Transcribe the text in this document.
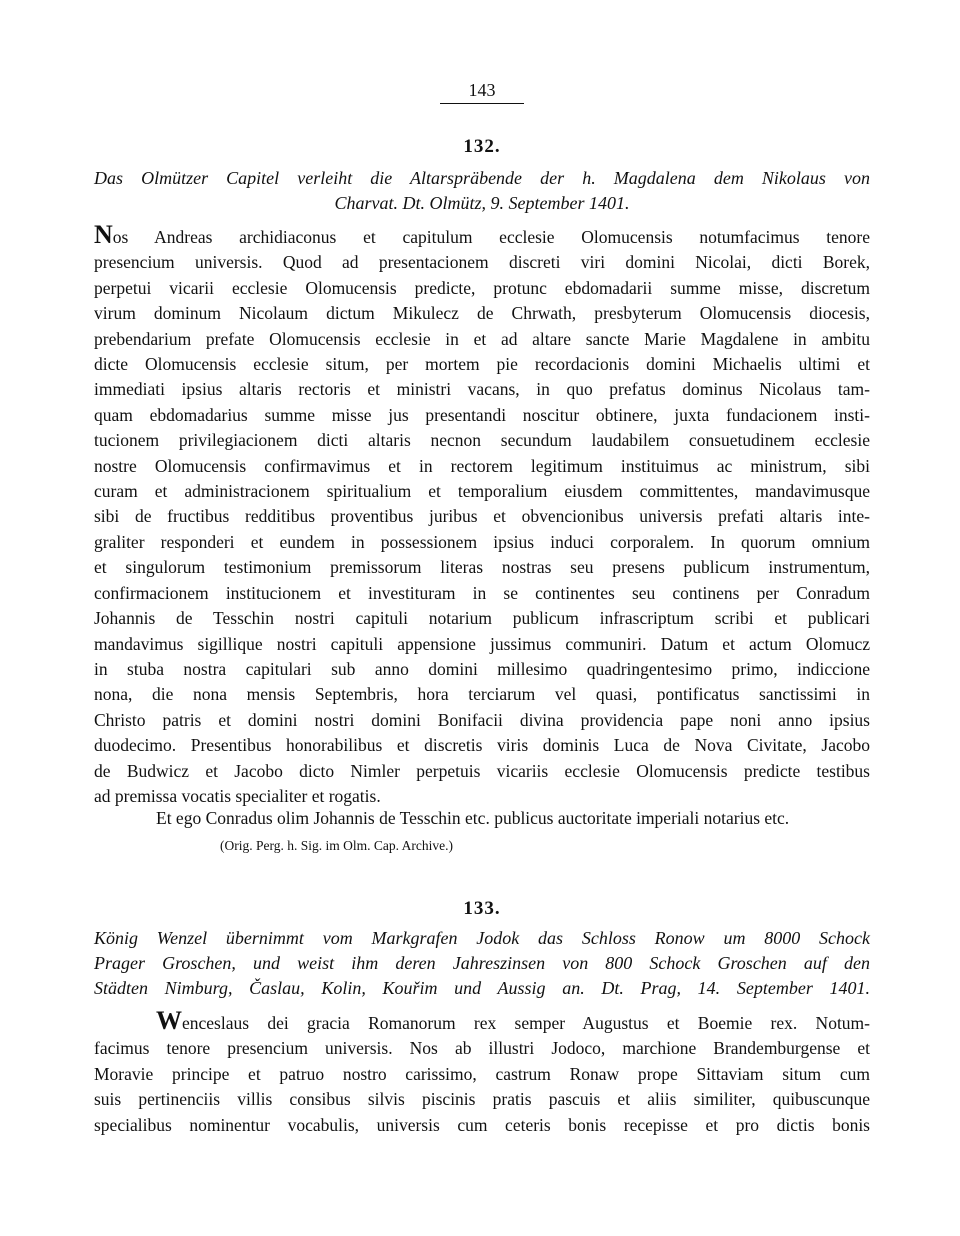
143
132.
Das Olmützer Capitel verleiht die Altarspräbende der h. Magdalena dem Nikolaus von
Charvat. Dt. Olmütz, 9. September 1401.
Nos Andreas archidiaconus et capitulum ecclesie Olomucensis notumfacimus tenore
presencium universis. Quod ad presentacionem discreti viri domini Nicolai, dicti Borek,
perpetui vicarii ecclesie Olomucensis predicte, protunc ebdomadarii summe misse, discretum
virum dominum Nicolaum dictum Mikulecz de Chrwath, presbyterum Olomucensis diocesis,
prebendarium prefate Olomucensis ecclesie in et ad altare sancte Marie Magdalene in ambitu
dicte Olomucensis ecclesie situm, per mortem pie recordacionis domini Michaelis ultimi et
immediati ipsius altaris rectoris et ministri vacans, in quo prefatus dominus Nicolaus tam-
quam ebdomadarius summe misse jus presentandi noscitur obtinere, juxta fundacionem insti-
tucionem privilegiacionem dicti altaris necnon secundum laudabilem consuetudinem ecclesie
nostre Olomucensis confirmavimus et in rectorem legitimum instituimus ac ministrum, sibi
curam et administracionem spiritualium et temporalium eiusdem committentes, mandavimusque
sibi de fructibus redditibus proventibus juribus et obvencionibus universis prefati altaris inte-
graliter responderi et eundem in possessionem ipsius induci corporalem. In quorum omnium
et singulorum testimonium premissorum literas nostras seu presens publicum instrumentum,
confirmacionem institucionem et investituram in se continentes seu continens per Conradum
Johannis de Tesschin nostri capituli notarium publicum infrascriptum scribi et publicari
mandavimus sigillique nostri capituli appensione jussimus communiri. Datum et actum Olomucz
in stuba nostra capitulari sub anno domini millesimo quadringentesimo primo, indiccione
nona, die nona mensis Septembris, hora terciarum vel quasi, pontificatus sanctissimi in
Christo patris et domini nostri domini Bonifacii divina providencia pape noni anno ipsius
duodecimo. Presentibus honorabilibus et discretis viris dominis Luca de Nova Civitate, Jacobo
de Budwicz et Jacobo dicto Nimler perpetuis vicariis ecclesie Olomucensis predicte testibus
ad premissa vocatis specialiter et rogatis.
Et ego Conradus olim Johannis de Tesschin etc. publicus auctoritate imperiali notarius etc.
(Orig. Perg. h. Sig. im Olm. Cap. Archive.)
133.
König Wenzel übernimmt vom Markgrafen Jodok das Schloss Ronow um 8000 Schock
Prager Groschen, und weist ihm deren Jahreszinsen von 800 Schock Groschen auf den
Städten Nimburg, Časlau, Kolin, Kouřim und Aussig an. Dt. Prag, 14. September 1401.
Wenceslaus dei gracia Romanorum rex semper Augustus et Boemie rex. Notum-
facimus tenore presencium universis. Nos ab illustri Jodoco, marchione Brandemburgense et
Moravie principe et patruo nostro carissimo, castrum Ronaw prope Sittaviam situm cum
suis pertinenciis villis consibus silvis piscinis pratis pascuis et aliis similiter, quibuscunque
specialibus nominentur vocabulis, universis cum ceteris bonis recepisse et pro dictis bonis
